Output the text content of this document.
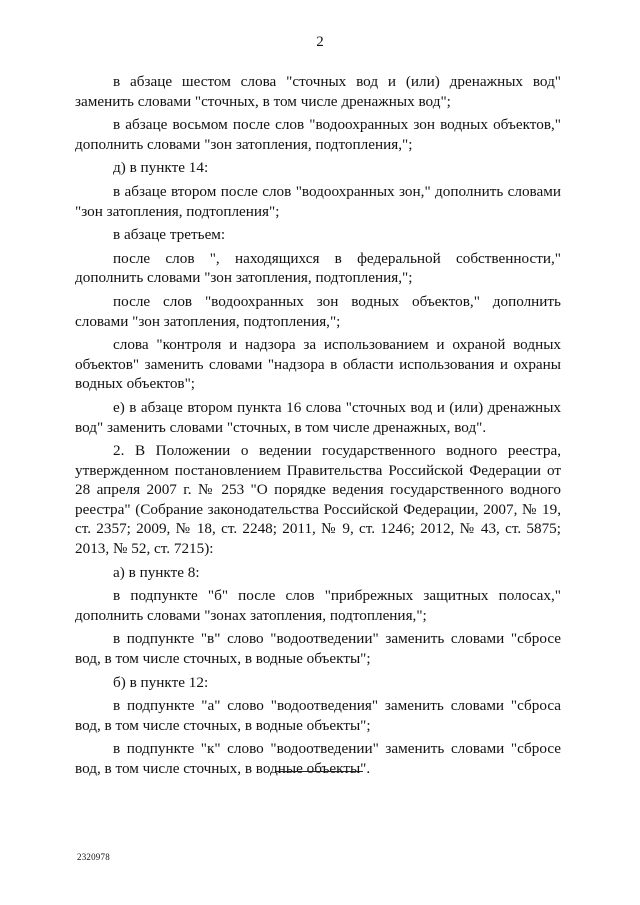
2

в абзаце шестом слова "сточных вод и (или) дренажных вод" заменить словами "сточных, в том числе дренажных вод";

в абзаце восьмом после слов "водоохранных зон водных объектов," дополнить словами "зон затопления, подтопления,";

д) в пункте 14:

в абзаце втором после слов "водоохранных зон," дополнить словами "зон затопления, подтопления";

в абзаце третьем:

после слов ", находящихся в федеральной собственности," дополнить словами "зон затопления, подтопления,";

после слов "водоохранных зон водных объектов," дополнить словами "зон затопления, подтопления,";

слова "контроля и надзора за использованием и охраной водных объектов" заменить словами "надзора в области использования и охраны водных объектов";

е) в абзаце втором пункта 16 слова "сточных вод и (или) дренажных вод" заменить словами "сточных, в том числе дренажных, вод".

2. В Положении о ведении государственного водного реестра, утвержденном постановлением Правительства Российской Федерации от 28 апреля 2007 г. № 253 "О порядке ведения государственного водного реестра" (Собрание законодательства Российской Федерации, 2007, № 19, ст. 2357; 2009, № 18, ст. 2248; 2011, № 9, ст. 1246; 2012, № 43, ст. 5875; 2013, № 52, ст. 7215):

а) в пункте 8:

в подпункте "б" после слов "прибрежных защитных полосах," дополнить словами "зонах затопления, подтопления,";

в подпункте "в" слово "водоотведении" заменить словами "сбросе вод, в том числе сточных, в водные объекты";

б) в пункте 12:

в подпункте "а" слово "водоотведения" заменить словами "сброса вод, в том числе сточных, в водные объекты";

в подпункте "к" слово "водоотведении" заменить словами "сбросе вод, в том числе сточных, в водные объекты".

2320978
